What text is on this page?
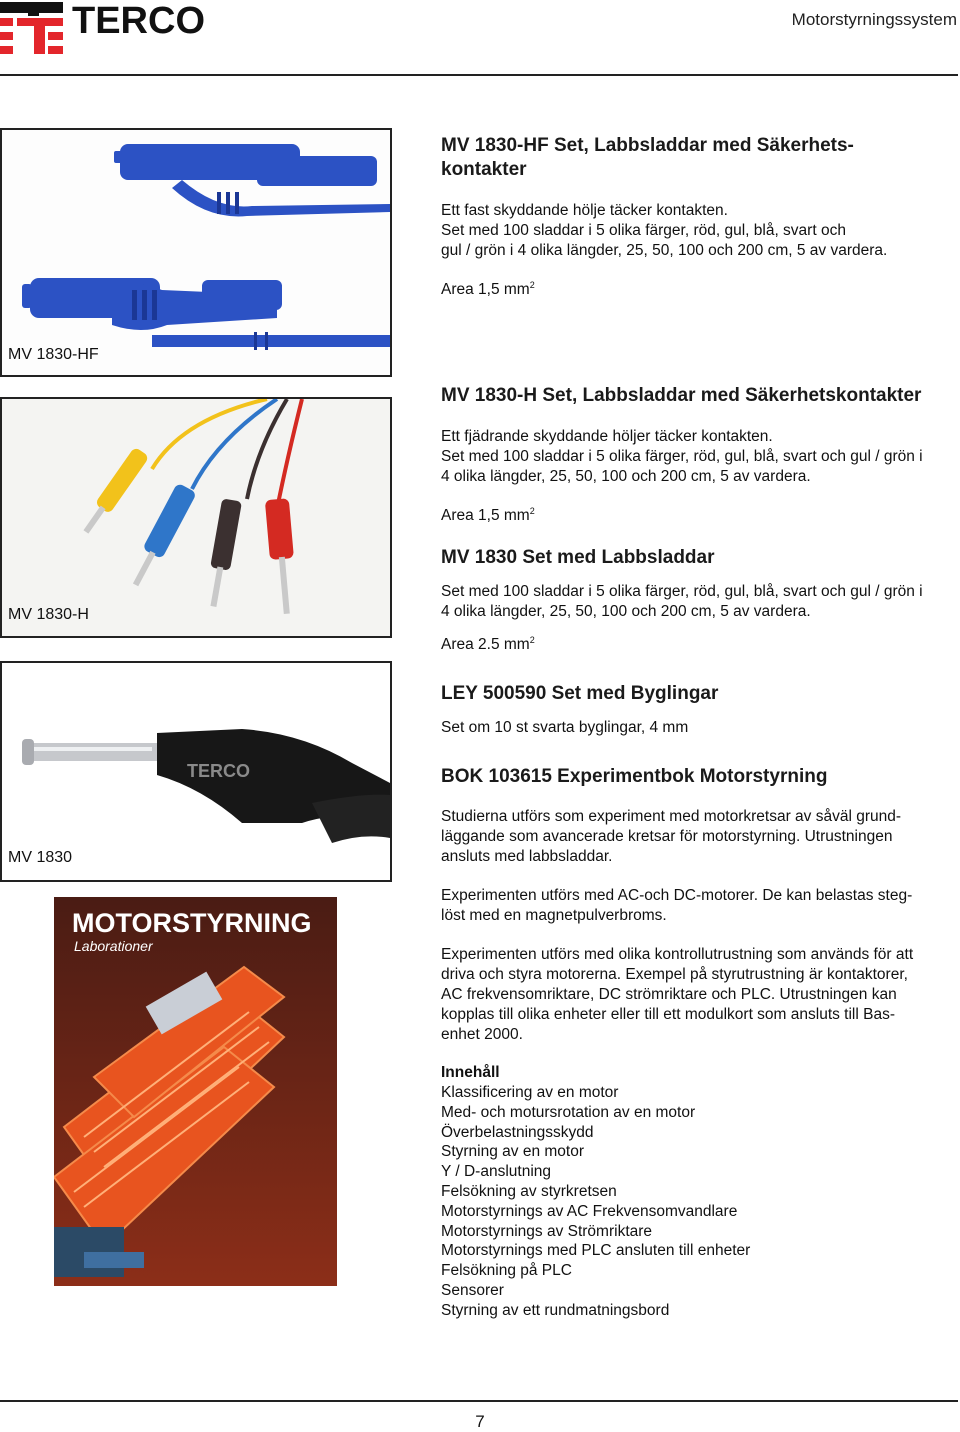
TERCO	Motorstyrningssystem
MV 1830-HF
MV 1830-H
TERCO
MV 1830
MOTORSTYRNING
Laborationer
MV 1830-HF Set, Labbsladdar med Säkerhets-
kontakter
Ett fast skyddande hölje täcker kontakten.
Set med 100 sladdar i 5 olika färger, röd, gul, blå, svart och
gul / grön i 4 olika längder, 25, 50, 100 och 200 cm, 5 av vardera.
Area 1,5 $mm^2$
MV 1830-H Set, Labbsladdar med Säkerhetskontakter
Ett fjädrande skyddande höljer täcker kontakten.
Set med 100 sladdar i 5 olika färger, röd, gul, blå, svart och gul / grön i
4 olika längder, 25, 50, 100 och 200 cm, 5 av vardera.
Area 1,5 $mm^2$
MV 1830 Set med Labbsladdar
Set med 100 sladdar i 5 olika färger, röd, gul, blå, svart och gul / grön i
4 olika längder, 25, 50, 100 och 200 cm, 5 av vardera.
Area 2.5 $mm^2$
LEY 500590 Set med Byglingar
Set om 10 st svarta byglingar, 4 mm
BOK 103615 Experimentbok Motorstyrning
Studierna utförs som experiment med motorkretsar av såväl grund-
läggande som avancerade kretsar för motorstyrning. Utrustningen
ansluts med labbsladdar.
Experimenten utförs med AC-och DC-motorer. De kan belastas steg-
löst med en magnetpulverbroms.
Experimenten utförs med olika kontrollutrustning som används för att
driva och styra motorerna. Exempel på styrutrustning är kontaktorer,
AC frekvensomriktare, DC strömriktare och PLC. Utrustningen kan
kopplas till olika enheter eller till ett modulkort som ansluts till Bas-
enhet 2000.
Innehåll
Klassificering av en motor
Med- och motursrotation av en motor
Överbelastningsskydd
Styrning av en motor
Y / D-anslutning
Felsökning av styrkretsen
Motorstyrnings av AC Frekvensomvandlare
Motorstyrnings av Strömriktare
Motorstyrnings med PLC ansluten till enheter
Felsökning på PLC
Sensorer
Styrning av ett rundmatningsbord
7
